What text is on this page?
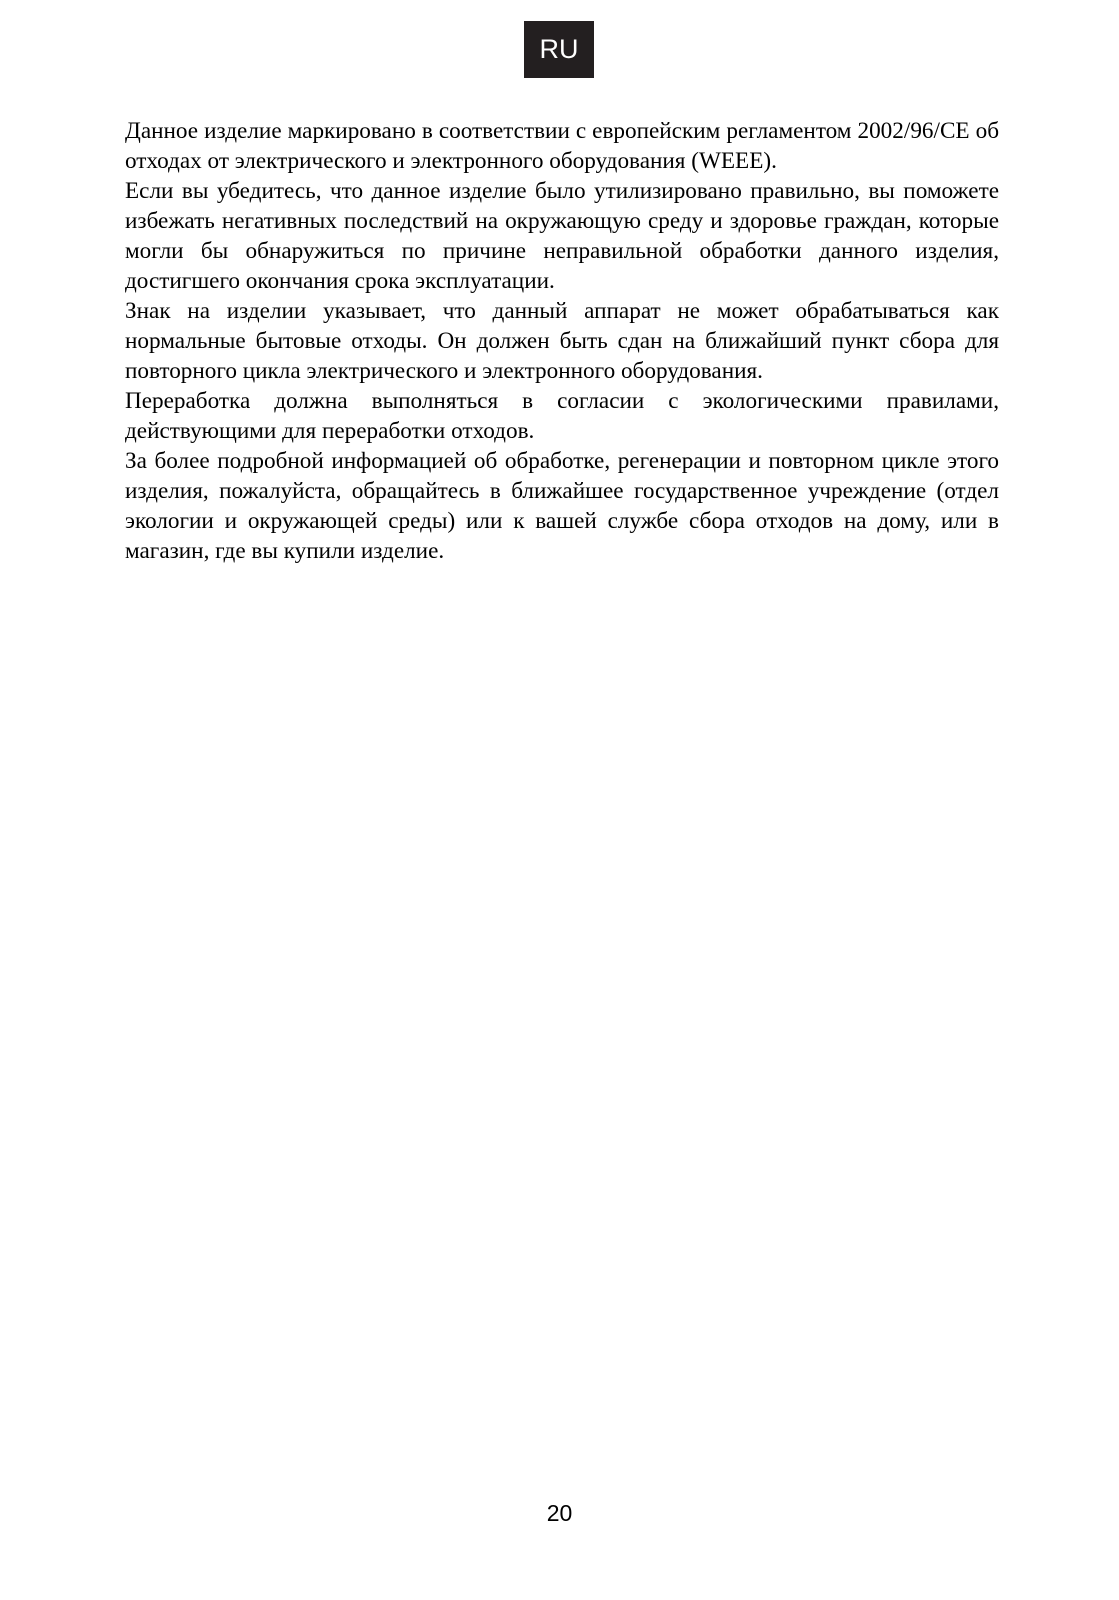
RU

Данное изделие маркировано в соответствии с европейским регламентом 2002/96/CE об отходах от электрического и электронного оборудования (WEEE).

Если вы убедитесь, что данное изделие было утилизировано правильно, вы поможете избежать негативных последствий на окружающую среду и здоровье граждан, которые могли бы обнаружиться по причине неправильной обработки данного изделия, достигшего окончания срока эксплуатации.

Знак на изделии указывает, что данный аппарат не может обрабатываться как нормальные бытовые отходы. Он должен быть сдан на ближайший пункт сбора для повторного цикла электрического и электронного оборудования.

Переработка должна выполняться в согласии с экологическими правилами, действующими для переработки отходов.

За более подробной информацией об обработке, регенерации и повторном цикле этого изделия, пожалуйста, обращайтесь в ближайшее государственное учреждение (отдел экологии и окружающей среды) или к вашей службе сбора отходов на дому, или в магазин, где вы купили изделие.

20
